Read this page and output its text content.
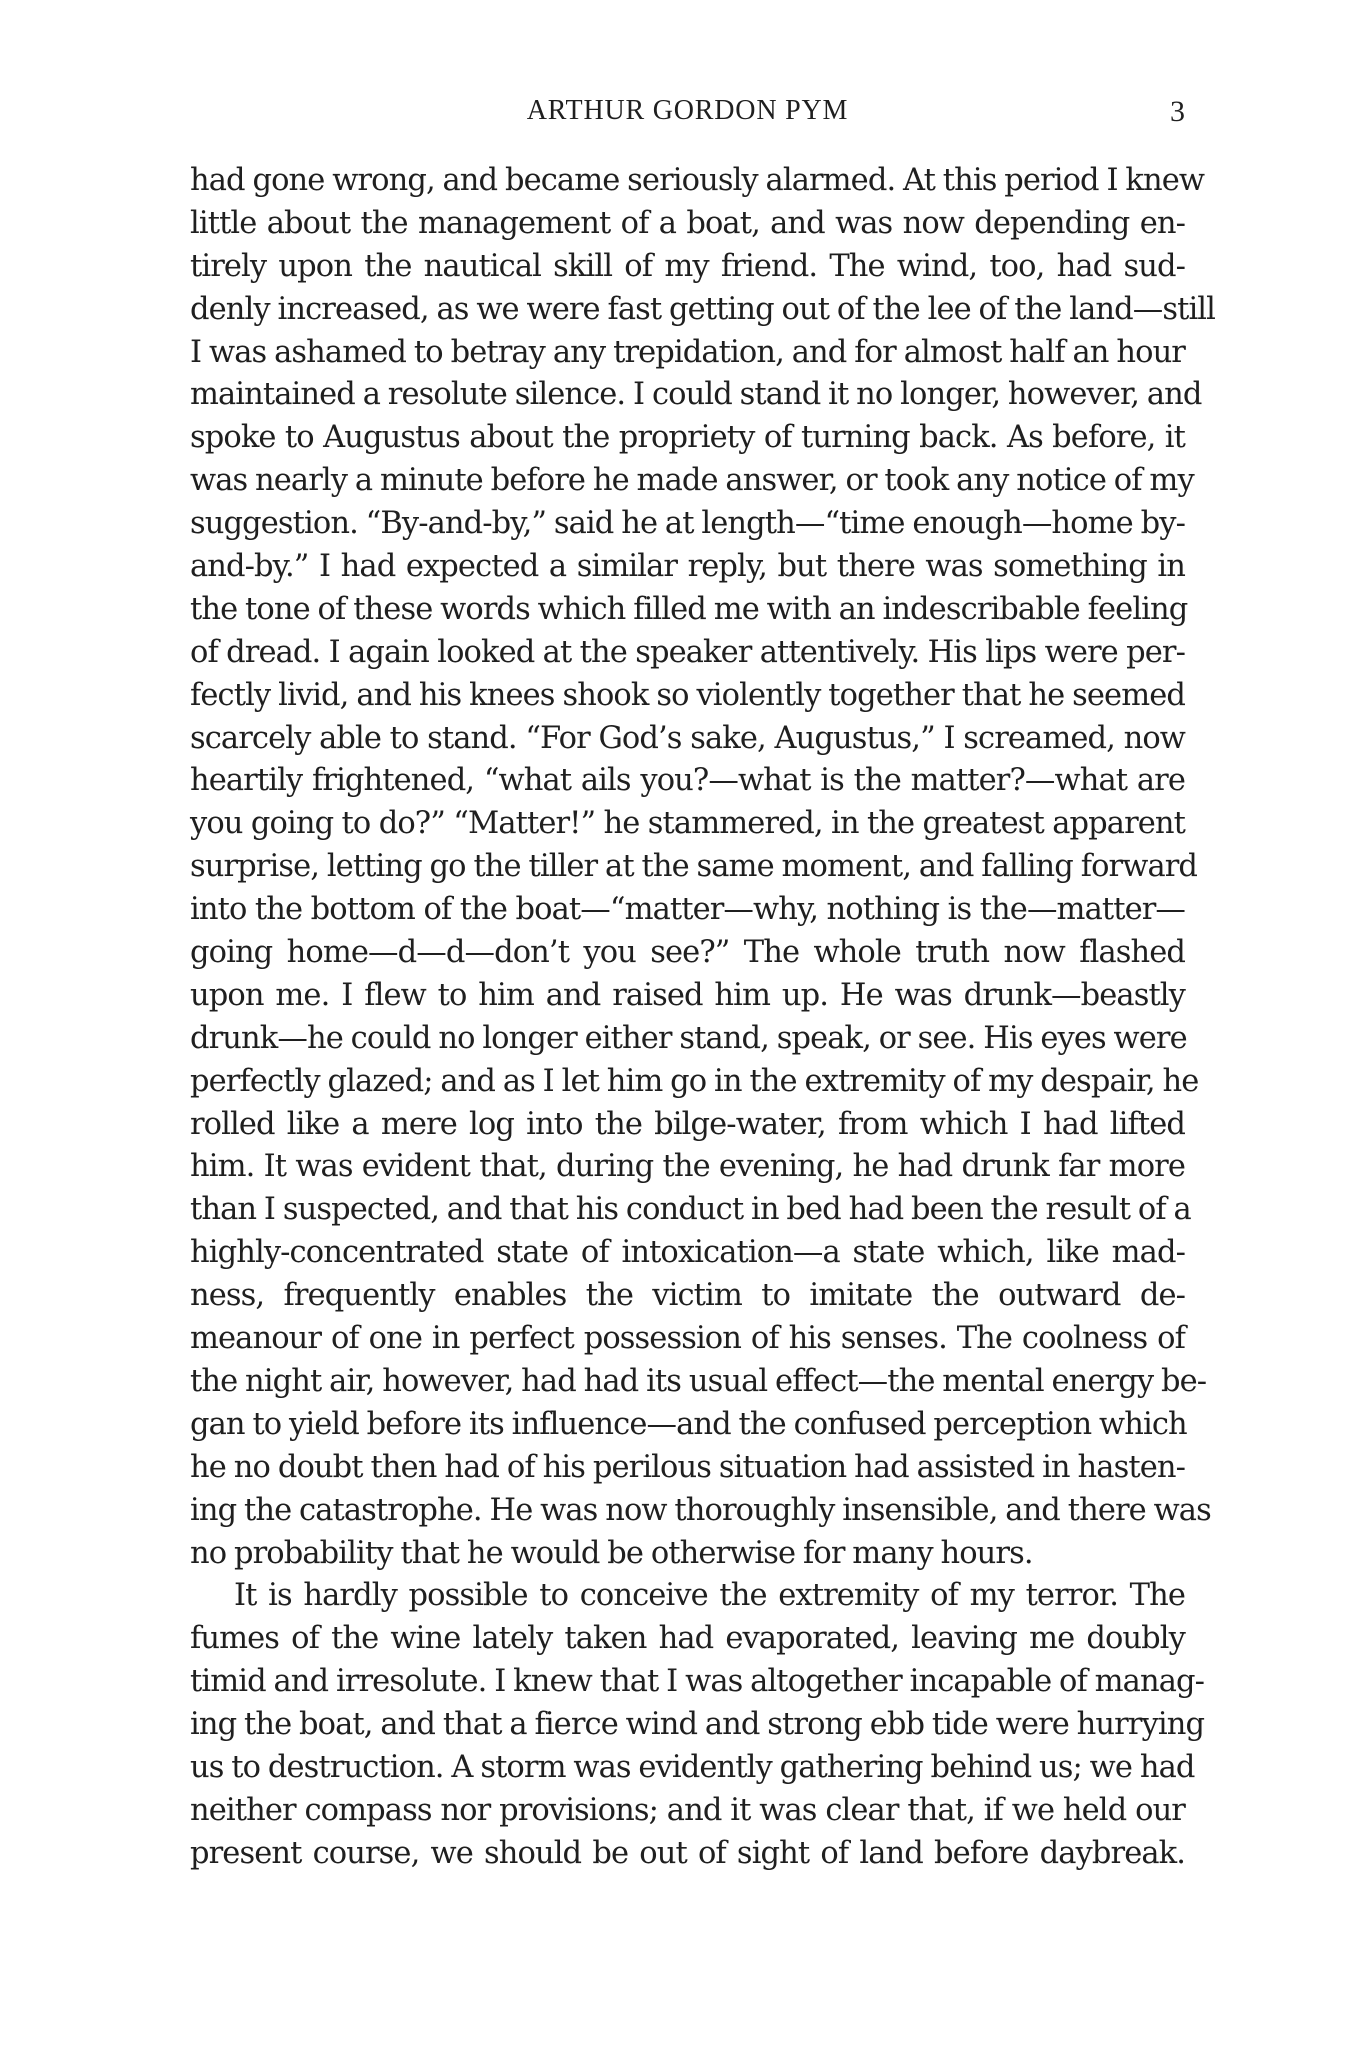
ARTHUR GORDON PYM	3
had gone wrong, and became seriously alarmed. At this period I knew
little about the management of a boat, and was now depending en-
tirely upon the nautical skill of my friend. The wind, too, had sud-
denly increased, as we were fast getting out of the lee of the land—still
I was ashamed to betray any trepidation, and for almost half an hour
maintained a resolute silence. I could stand it no longer, however, and
spoke to Augustus about the propriety of turning back. As before, it
was nearly a minute before he made answer, or took any notice of my
suggestion. “By-and-by,” said he at length—“time enough—home by-
and-by.” I had expected a similar reply, but there was something in
the tone of these words which filled me with an indescribable feeling
of dread. I again looked at the speaker attentively. His lips were per-
fectly livid, and his knees shook so violently together that he seemed
scarcely able to stand. “For God’s sake, Augustus,” I screamed, now
heartily frightened, “what ails you?—what is the matter?—what are
you going to do?” “Matter!” he stammered, in the greatest apparent
surprise, letting go the tiller at the same moment, and falling forward
into the bottom of the boat—“matter—why, nothing is the—matter—
going home—d—d—don’t you see?” The whole truth now flashed
upon me. I flew to him and raised him up. He was drunk—beastly
drunk—he could no longer either stand, speak, or see. His eyes were
perfectly glazed; and as I let him go in the extremity of my despair, he
rolled like a mere log into the bilge-water, from which I had lifted
him. It was evident that, during the evening, he had drunk far more
than I suspected, and that his conduct in bed had been the result of a
highly-concentrated state of intoxication—a state which, like mad-
ness, frequently enables the victim to imitate the outward de-
meanour of one in perfect possession of his senses. The coolness of
the night air, however, had had its usual effect—the mental energy be-
gan to yield before its influence—and the confused perception which
he no doubt then had of his perilous situation had assisted in hasten-
ing the catastrophe. He was now thoroughly insensible, and there was
no probability that he would be otherwise for many hours.
It is hardly possible to conceive the extremity of my terror. The
fumes of the wine lately taken had evaporated, leaving me doubly
timid and irresolute. I knew that I was altogether incapable of manag-
ing the boat, and that a fierce wind and strong ebb tide were hurrying
us to destruction. A storm was evidently gathering behind us; we had
neither compass nor provisions; and it was clear that, if we held our
present course, we should be out of sight of land before daybreak.
